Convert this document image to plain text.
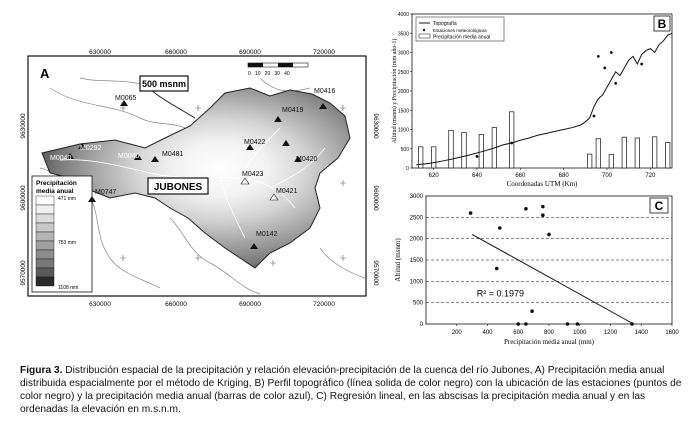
630000	660000	690000	720000
630000	660000	690000	720000
9630000
9600000
9570000
9630000
9600000
9570000
A	0   10   20   30   40
500 msnm
JUBONES
Precipitación
media anual
471 mm
753 mm
1108 mm
M0416
M0419
M0422
M0420
M0423
M0421
M0142
M0481
M0040
M0072
M0292
M0040
M0747
M0065
0
500
1000
1500
2000
2500
3000
3500
4000
620	640	660	680	700	720
Coordenadas UTM (Km)
Altitud (msnm) y Precipitación (mm año-1)
Topografía
Estaciones meteorológicas
Precipitación media anual
B
0
500
1000
1500
2000
2500
3000
200	400	600	800	1000	1200	1400	1600
Precipitación media anual (mm)
Altitud (msnm)
R² = 0.1979
C
Figura 3. Distribución espacial de la precipitación y relación elevación-precipitación de la cuenca del río Jubones, A) Precipitación media anual distribuida espacialmente por el método de Kriging, B) Perfil topográfico (línea solida de color negro) con la ubicación de las estaciones (puntos de color negro) y la precipitación media anual (barras de color azul), C) Regresión lineal, en las abscisas la precipitación media anual y en las ordenadas la elevación en m.s.n.m.
